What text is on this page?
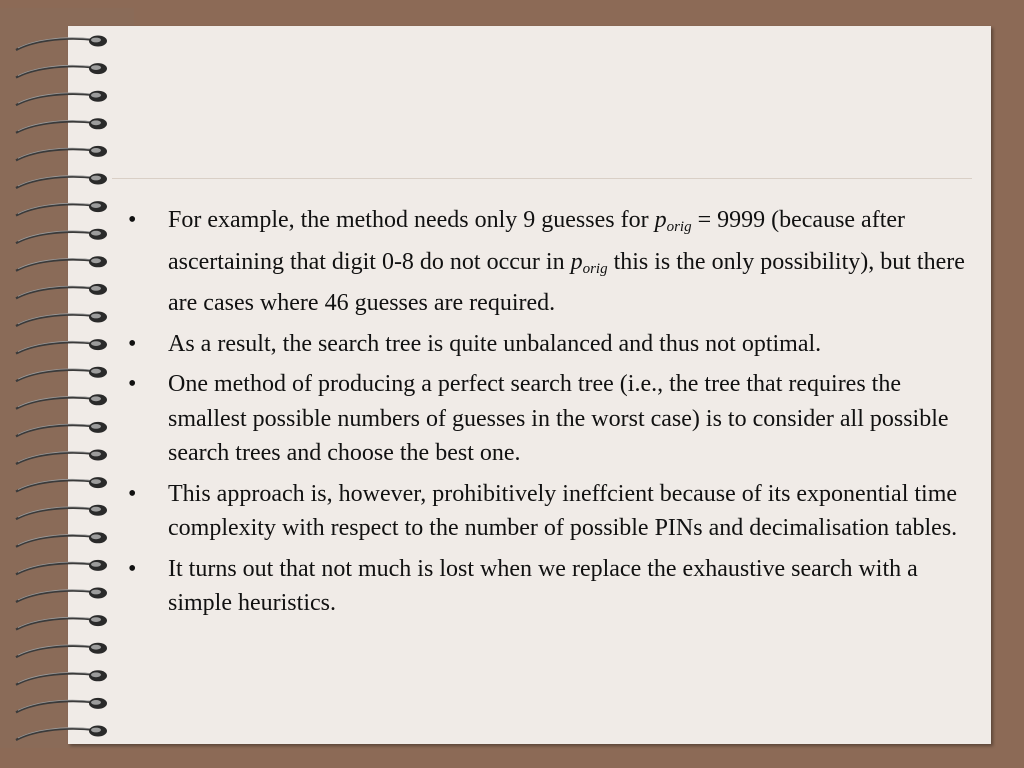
• For example, the method needs only 9 guesses for $p_{orig} = 9999$ (because after ascertaining that digit 0-8 do not occur in $p_{orig}$ this is the only possibility), but there are cases where 46 guesses are required.
• As a result, the search tree is quite unbalanced and thus not optimal.
• One method of producing a perfect search tree (i.e., the tree that requires the smallest possible numbers of guesses in the worst case) is to consider all possible search trees and choose the best one.
• This approach is, however, prohibitively ineffcient because of its exponential time complexity with respect to the number of possible PINs and decimalisation tables.
• It turns out that not much is lost when we replace the exhaustive search with a simple heuristics.
